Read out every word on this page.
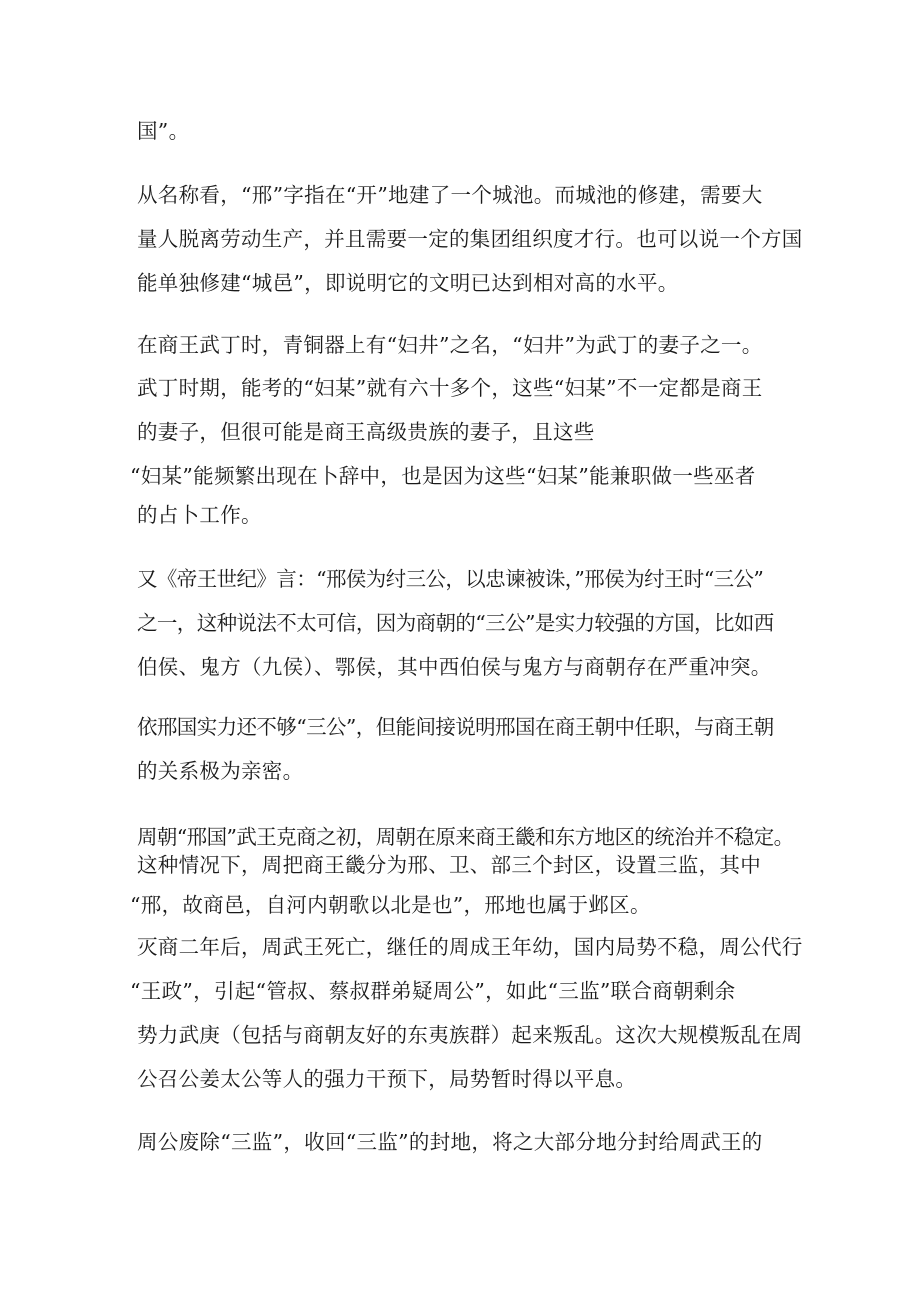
国”。

从名称看，“邢”字指在“开”地建了一个城池。而城池的修建，需要大

量人脱离劳动生产，并且需要一定的集团组织度才行。也可以说一个方国

能单独修建“城邑”，即说明它的文明已达到相对高的水平。

在商王武丁时，青铜器上有“妇井”之名，“妇井”为武丁的妻子之一。

武丁时期，能考的“妇某”就有六十多个，这些“妇某”不一定都是商王

的妻子，但很可能是商王高级贵族的妻子，且这些

“妇某”能频繁出现在卜辞中，也是因为这些“妇某”能兼职做一些巫者

的占卜工作。

又《帝王世纪》言：“邢侯为纣三公，以忠谏被诛，”邢侯为纣王时“三公”

之一，这种说法不太可信，因为商朝的“三公”是实力较强的方国，比如西

伯侯、鬼方（九侯）、鄂侯，其中西伯侯与鬼方与商朝存在严重冲突。

依邢国实力还不够“三公”，但能间接说明邢国在商王朝中任职，与商王朝

的关系极为亲密。

周朝“邢国”武王克商之初，周朝在原来商王畿和东方地区的统治并不稳定。

这种情况下，周把商王畿分为邢、卫、部三个封区，设置三监，其中

“邢，故商邑，自河内朝歌以北是也”，邢地也属于邺区。

灭商二年后，周武王死亡，继任的周成王年幼，国内局势不稳，周公代行

“王政”，引起“管叔、蔡叔群弟疑周公”，如此“三监”联合商朝剩余

势力武庚（包括与商朝友好的东夷族群）起来叛乱。这次大规模叛乱在周

公召公姜太公等人的强力干预下，局势暂时得以平息。

周公废除“三监”，收回“三监”的封地，将之大部分地分封给周武王的
